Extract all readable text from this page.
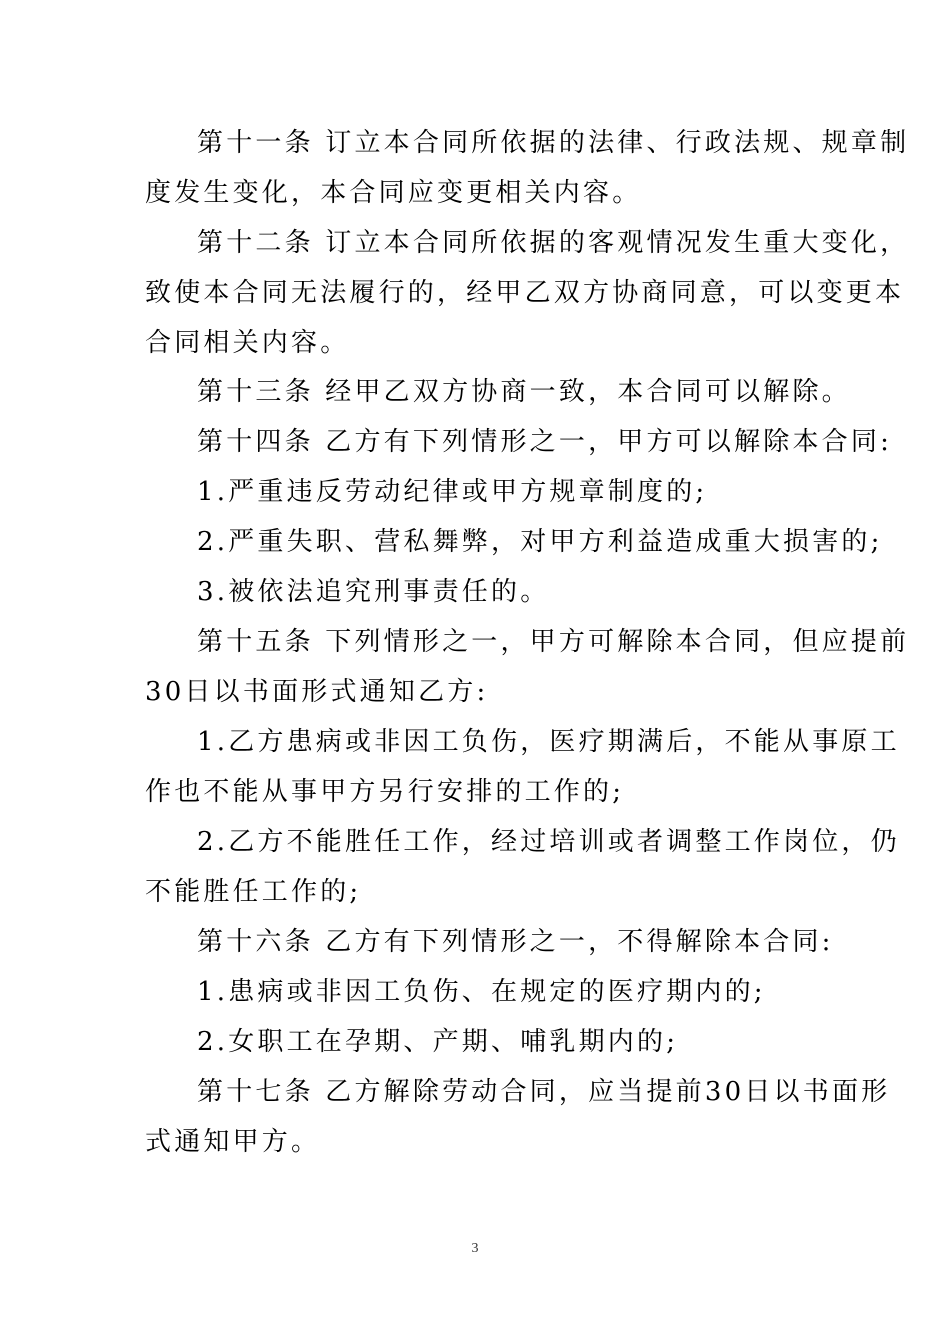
第十一条 订立本合同所依据的法律、行政法规、规章制
度发生变化，本合同应变更相关内容。
第十二条 订立本合同所依据的客观情况发生重大变化，
致使本合同无法履行的，经甲乙双方协商同意，可以变更本
合同相关内容。
第十三条 经甲乙双方协商一致，本合同可以解除。
第十四条 乙方有下列情形之一，甲方可以解除本合同:
1.严重违反劳动纪律或甲方规章制度的;
2.严重失职、营私舞弊，对甲方利益造成重大损害的;
3.被依法追究刑事责任的。
第十五条 下列情形之一，甲方可解除本合同，但应提前
30日以书面形式通知乙方:
1.乙方患病或非因工负伤，医疗期满后，不能从事原工
作也不能从事甲方另行安排的工作的;
2.乙方不能胜任工作，经过培训或者调整工作岗位，仍
不能胜任工作的;
第十六条 乙方有下列情形之一，不得解除本合同:
1.患病或非因工负伤、在规定的医疗期内的;
2.女职工在孕期、产期、哺乳期内的;
第十七条 乙方解除劳动合同，应当提前30日以书面形
式通知甲方。
3
